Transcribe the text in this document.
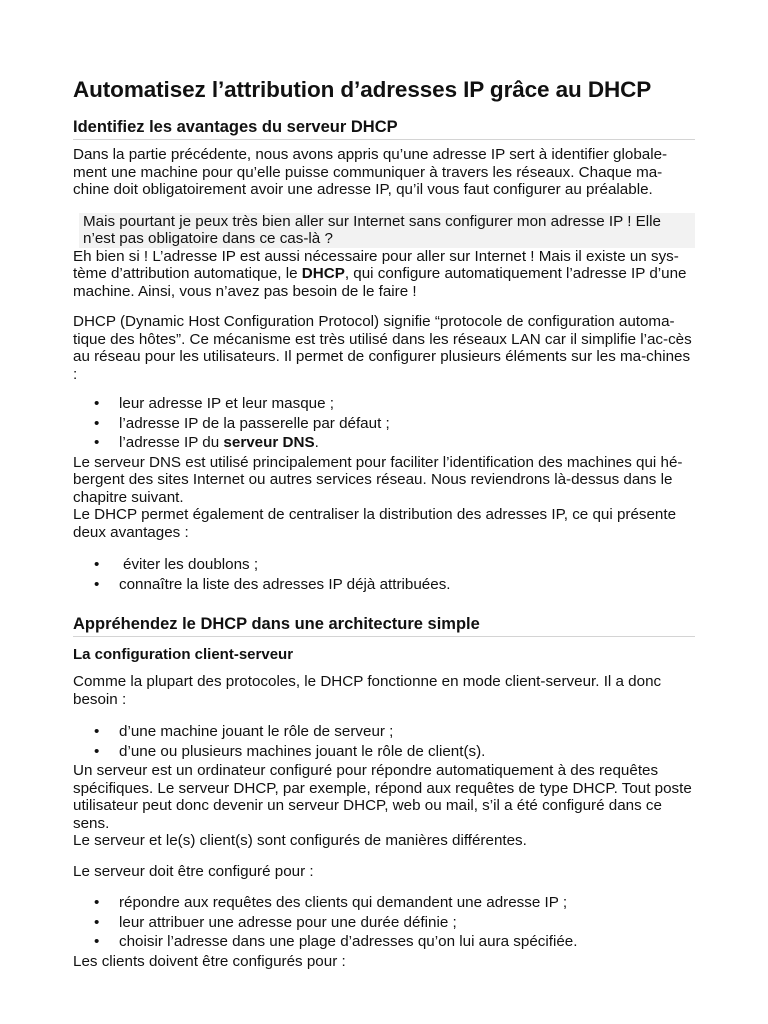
Automatisez l’attribution d’adresses IP grâce au DHCP
Identifiez les avantages du serveur DHCP

Dans la partie précédente, nous avons appris qu’une adresse IP sert à identifier globale-ment une machine pour qu’elle puisse communiquer à travers les réseaux. Chaque ma-chine doit obligatoirement avoir une adresse IP, qu’il vous faut configurer au préalable.

Mais pourtant je peux très bien aller sur Internet sans configurer mon adresse IP ! Elle n’est pas obligatoire dans ce cas-là ?

Eh bien si ! L’adresse IP est aussi nécessaire pour aller sur Internet ! Mais il existe un sys-tème d’attribution automatique, le DHCP, qui configure automatiquement l’adresse IP d’une machine. Ainsi, vous n’avez pas besoin de le faire !

DHCP (Dynamic Host Configuration Protocol) signifie “protocole de configuration automa-tique des hôtes”. Ce mécanisme est très utilisé dans les réseaux LAN car il simplifie l’ac-cès au réseau pour les utilisateurs. Il permet de configurer plusieurs éléments sur les ma-chines :

• leur adresse IP et leur masque ;
• l’adresse IP de la passerelle par défaut ;
• l’adresse IP du serveur DNS.

Le serveur DNS est utilisé principalement pour faciliter l’identification des machines qui hé-bergent des sites Internet ou autres services réseau. Nous reviendrons là-dessus dans le chapitre suivant.

Le DHCP permet également de centraliser la distribution des adresses IP, ce qui présente deux avantages :

• éviter les doublons ;
• connaître la liste des adresses IP déjà attribuées.
Appréhendez le DHCP dans une architecture simple
La configuration client-serveur

Comme la plupart des protocoles, le DHCP fonctionne en mode client-serveur. Il a donc besoin :

• d’une machine jouant le rôle de serveur ;
• d’une ou plusieurs machines jouant le rôle de client(s).

Un serveur est un ordinateur configuré pour répondre automatiquement à des requêtes spécifiques. Le serveur DHCP, par exemple, répond aux requêtes de type DHCP. Tout poste utilisateur peut donc devenir un serveur DHCP, web ou mail, s’il a été configuré dans ce sens.

Le serveur et le(s) client(s) sont configurés de manières différentes.

Le serveur doit être configuré pour :

• répondre aux requêtes des clients qui demandent une adresse IP ;
• leur attribuer une adresse pour une durée définie ;
• choisir l’adresse dans une plage d’adresses qu’on lui aura spécifiée.

Les clients doivent être configurés pour :
